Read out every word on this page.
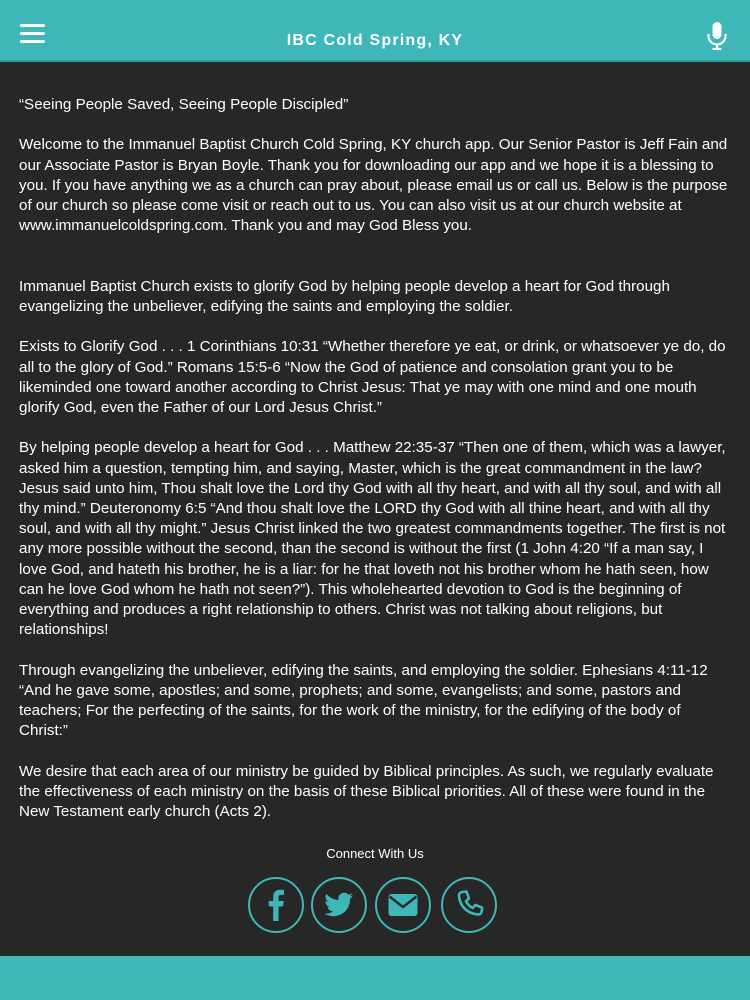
IBC Cold Spring, KY

“Seeing People Saved, Seeing People Discipled”

Welcome to the Immanuel Baptist Church Cold Spring, KY church app. Our Senior Pastor is Jeff Fain and our Associate Pastor is Bryan Boyle. Thank you for downloading our app and we hope it is a blessing to you. If you have anything we as a church can pray about, please email us or call us. Below is the purpose of our church so please come visit or reach out to us. You can also visit us at our church website at www.immanuelcoldspring.com. Thank you and may God Bless you.

Immanuel Baptist Church exists to glorify God by helping people develop a heart for God through evangelizing the unbeliever, edifying the saints and employing the soldier.

Exists to Glorify God . . . 1 Corinthians 10:31 “Whether therefore ye eat, or drink, or whatsoever ye do, do all to the glory of God.” Romans 15:5-6 “Now the God of patience and consolation grant you to be likeminded one toward another according to Christ Jesus: That ye may with one mind and one mouth glorify God, even the Father of our Lord Jesus Christ.”

By helping people develop a heart for God . . . Matthew 22:35-37 “Then one of them, which was a lawyer, asked him a question, tempting him, and saying, Master, which is the great commandment in the law? Jesus said unto him, Thou shalt love the Lord thy God with all thy heart, and with all thy soul, and with all thy mind.” Deuteronomy 6:5 “And thou shalt love the LORD thy God with all thine heart, and with all thy soul, and with all thy might.” Jesus Christ linked the two greatest commandments together. The first is not any more possible without the second, than the second is without the first (1 John 4:20 “If a man say, I love God, and hateth his brother, he is a liar: for he that loveth not his brother whom he hath seen, how can he love God whom he hath not seen?”). This wholehearted devotion to God is the beginning of everything and produces a right relationship to others. Christ was not talking about religions, but relationships!

Through evangelizing the unbeliever, edifying the saints, and employing the soldier. Ephesians 4:11-12 “And he gave some, apostles; and some, prophets; and some, evangelists; and some, pastors and teachers; For the perfecting of the saints, for the work of the ministry, for the edifying of the body of Christ:”

We desire that each area of our ministry be guided by Biblical principles. As such, we regularly evaluate the effectiveness of each ministry on the basis of these Biblical priorities. All of these were found in the New Testament early church (Acts 2).

Connect With Us
